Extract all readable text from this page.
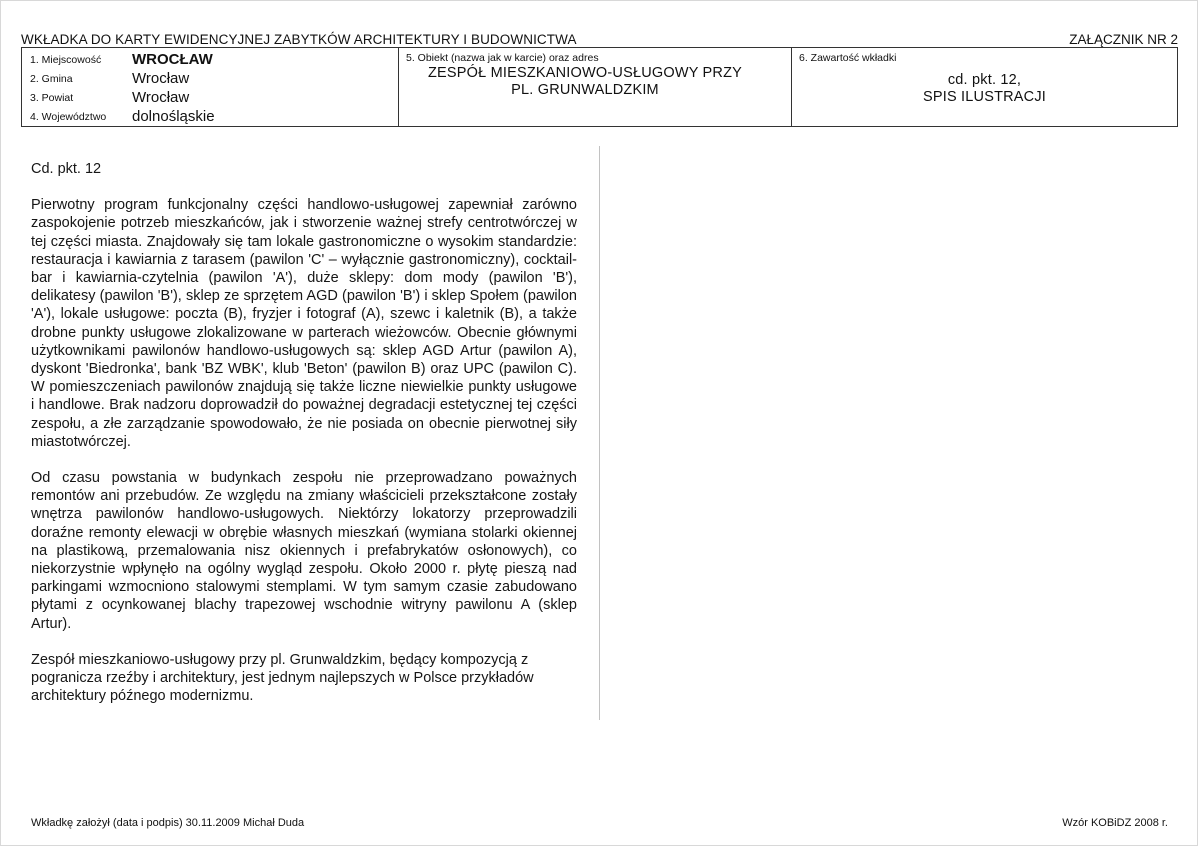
WKŁADKA DO KARTY EWIDENCYJNEJ ZABYTKÓW ARCHITEKTURY I BUDOWNICTWA	ZAŁĄCZNIK NR 2
1. Miejscowość	WROCŁAW
2. Gmina	Wrocław
3. Powiat	Wrocław
4. Województwo	dolnośląskie

5. Obiekt (nazwa jak w karcie) oraz adres
ZESPÓŁ MIESZKANIOWO-USŁUGOWY PRZY
PL. GRUNWALDZKIM

6. Zawartość wkładki
cd. pkt. 12,
SPIS ILUSTRACJI

Cd. pkt. 12

Pierwotny program funkcjonalny części handlowo-usługowej zapewniał zarówno zaspokojenie potrzeb mieszkańców, jak i stworzenie ważnej strefy centrotwórczej w tej części miasta. Znajdowały się tam lokale gastronomiczne o wysokim standardzie: restauracja i kawiarnia z tarasem (pawilon 'C' – wyłącznie gastronomiczny), cocktail-bar i kawiarnia-czytelnia (pawilon 'A'), duże sklepy: dom mody (pawilon 'B'), delikatesy (pawilon 'B'), sklep ze sprzętem AGD (pawilon 'B') i sklep Społem (pawilon 'A'), lokale usługowe: poczta (B), fryzjer i fotograf (A), szewc i kaletnik (B), a także drobne punkty usługowe zlokalizowane w parterach wieżowców. Obecnie głównymi użytkownikami pawilonów handlowo-usługowych są: sklep AGD Artur (pawilon A), dyskont 'Biedronka', bank 'BZ WBK', klub 'Beton' (pawilon B) oraz UPC (pawilon C). W pomieszczeniach pawilonów znajdują się także liczne niewielkie punkty usługowe i handlowe. Brak nadzoru doprowadził do poważnej degradacji estetycznej tej części zespołu, a złe zarządzanie spowodowało, że nie posiada on obecnie pierwotnej siły miastotwórczej.

Od czasu powstania w budynkach zespołu nie przeprowadzano poważnych remontów ani przebudów. Ze względu na zmiany właścicieli przekształcone zostały wnętrza pawilonów handlowo-usługowych. Niektórzy lokatorzy przeprowadzili doraźne remonty elewacji w obrębie własnych mieszkań (wymiana stolarki okiennej na plastikową, przemalowania nisz okiennych i prefabrykatów osłonowych), co niekorzystnie wpłynęło na ogólny wygląd zespołu. Około 2000 r. płytę pieszą nad parkingami wzmocniono stalowymi stemplami. W tym samym czasie zabudowano płytami z ocynkowanej blachy trapezowej wschodnie witryny pawilonu A (sklep Artur).

Zespół mieszkaniowo-usługowy przy pl. Grunwaldzkim, będący kompozycją z pogranicza rzeźby i architektury, jest jednym najlepszych w Polsce przykładów architektury późnego modernizmu.

Wkładkę założył (data i podpis) 30.11.2009 Michał Duda	Wzór KOBiDZ 2008 r.
